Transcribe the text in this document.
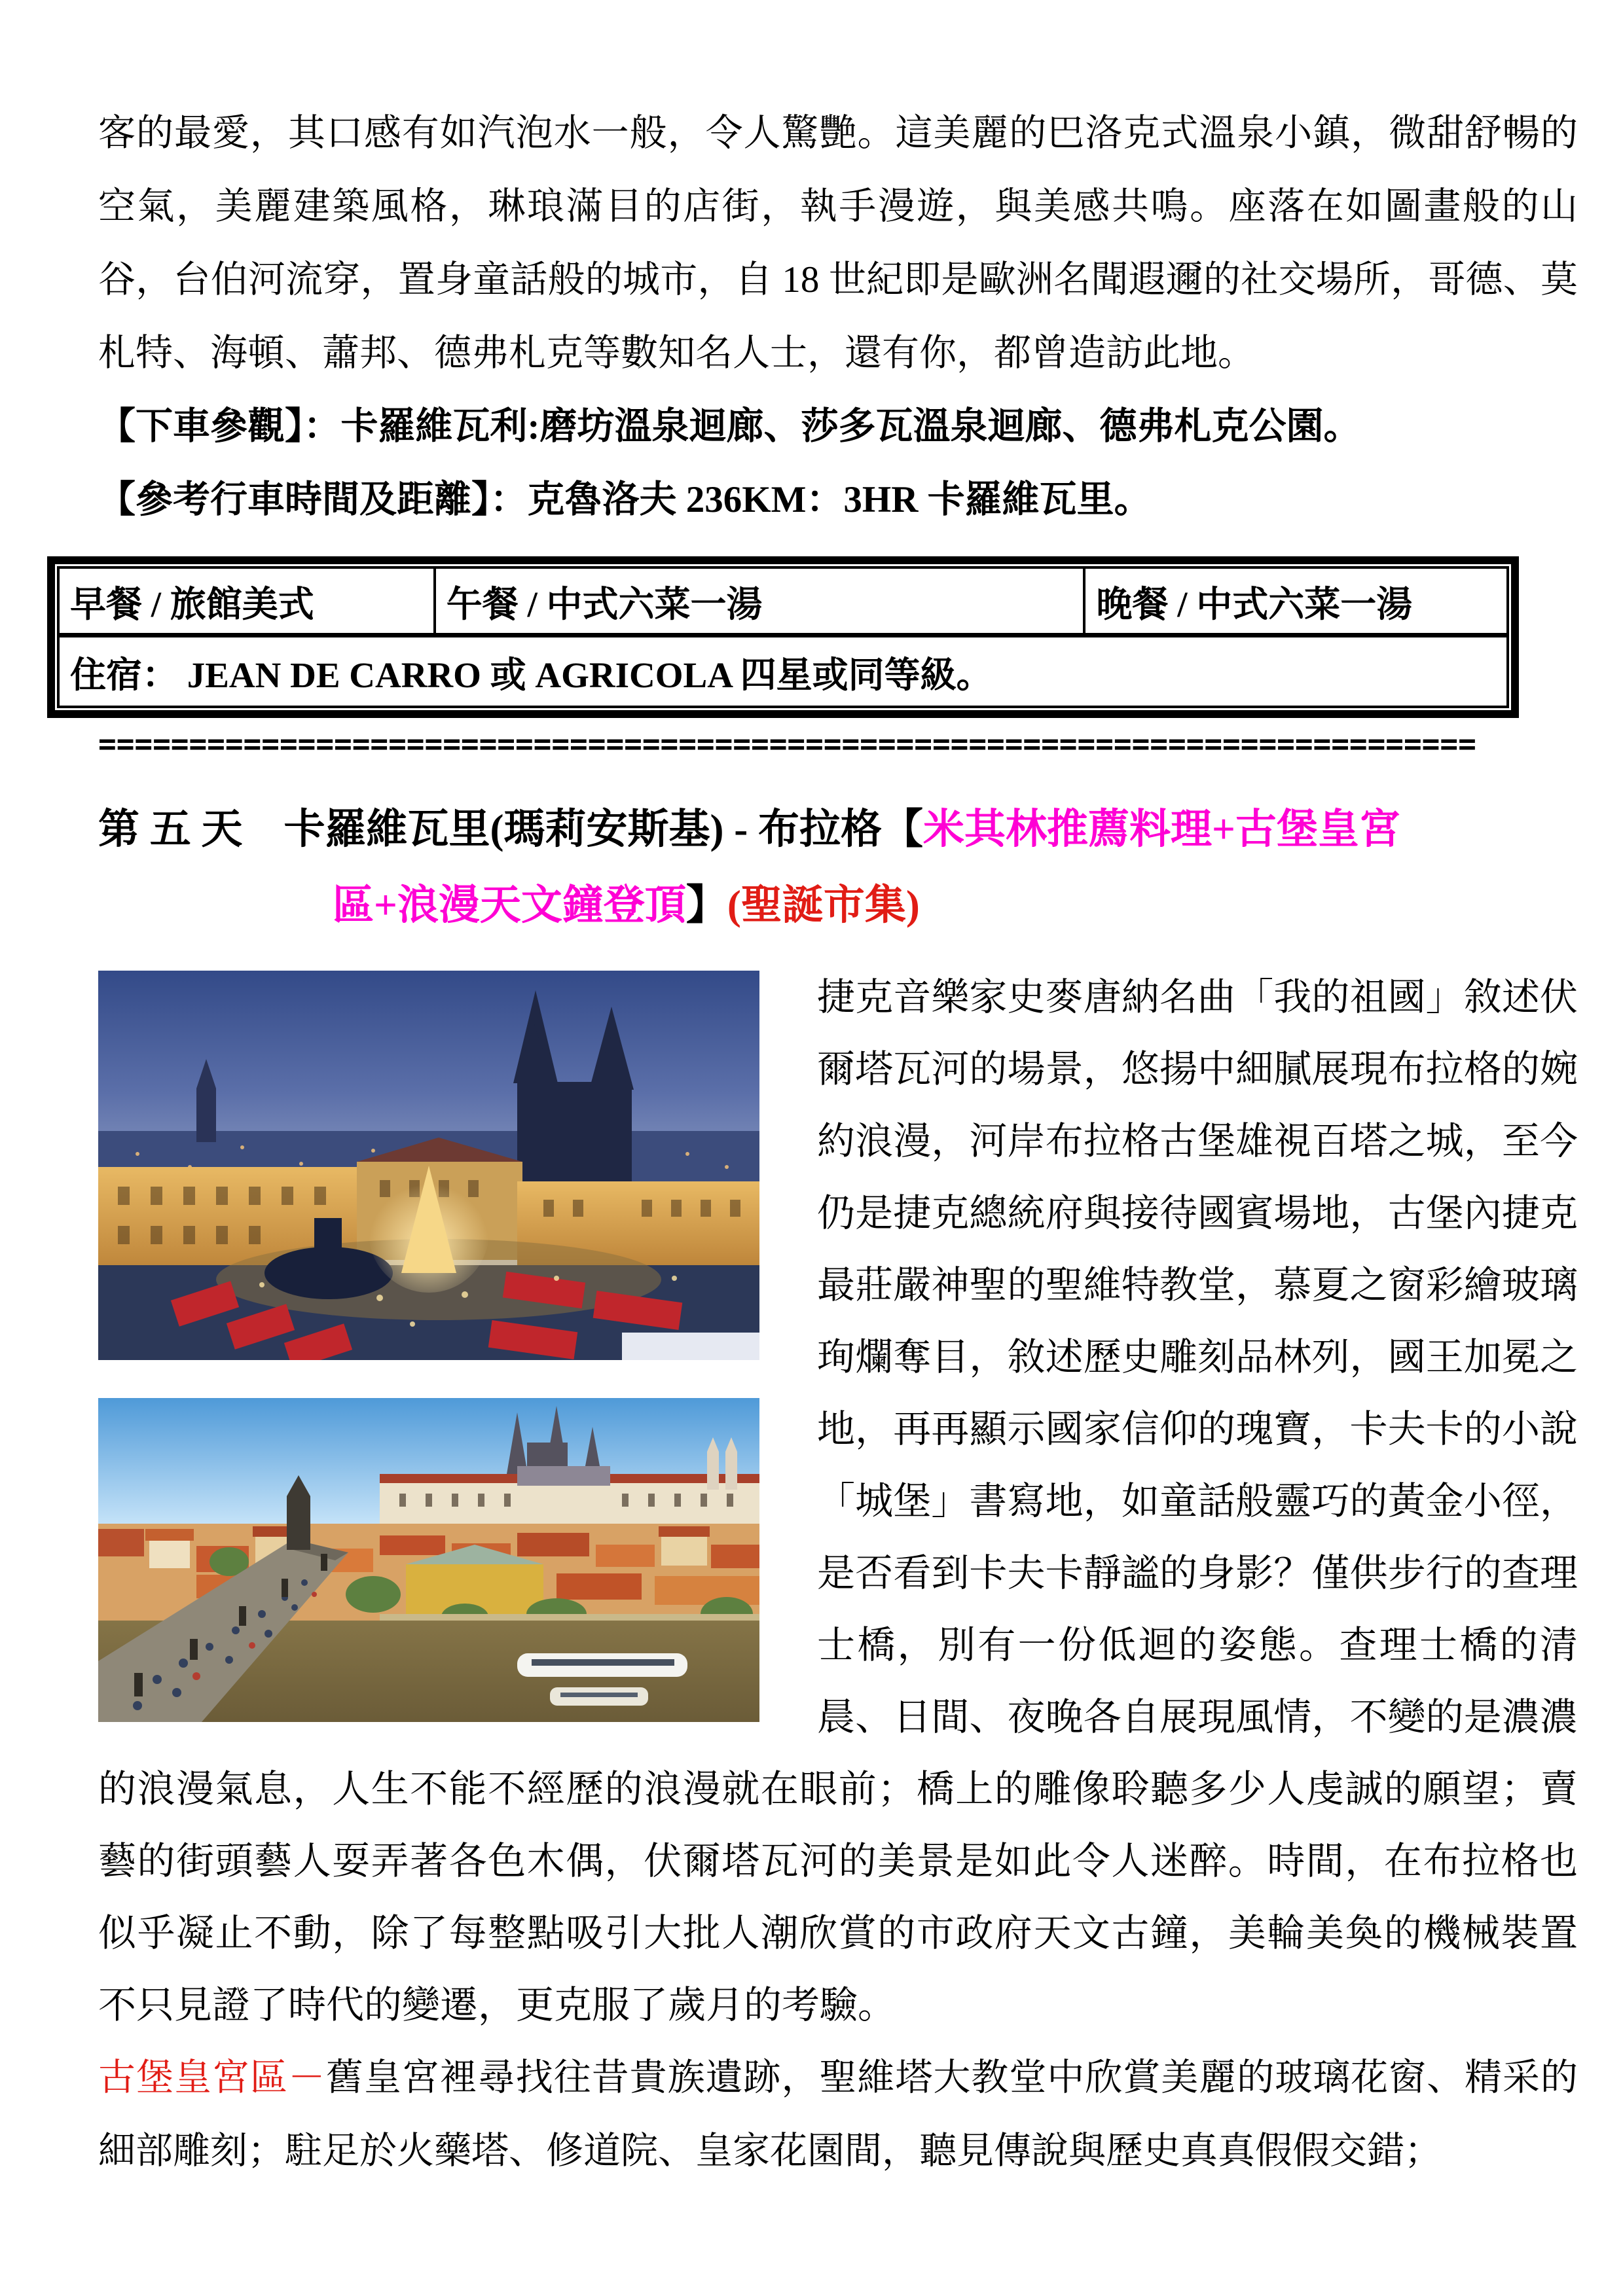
客的最愛，其口感有如汽泡水一般，令人驚艷。這美麗的巴洛克式溫泉小鎮，微甜舒暢的空氣，美麗建築風格，琳琅滿目的店街，執手漫遊，與美感共鳴。座落在如圖畫般的山谷，台伯河流穿，置身童話般的城市，自 18 世紀即是歐洲名聞遐邇的社交場所，哥德、莫札特、海頓、蕭邦、德弗札克等數知名人士，還有你，都曾造訪此地。

【下車參觀】：卡羅維瓦利:磨坊溫泉迴廊、莎多瓦溫泉迴廊、德弗札克公園。

【參考行車時間及距離】：克魯洛夫 236KM：3HR 卡羅維瓦里。

早餐 / 旅館美式	午餐 / 中式六菜一湯	晚餐 / 中式六菜一湯
住宿： JEAN DE CARRO 或 AGRICOLA 四星或同等級。
============================================================================
第 五 天　卡羅維瓦里(瑪莉安斯基) - 布拉格【米其林推薦料理+古堡皇宮
區+浪漫天文鐘登頂】(聖誕市集)

捷克音樂家史麥唐納名曲「我的祖國」敘述伏爾塔瓦河的場景，悠揚中細膩展現布拉格的婉約浪漫，河岸布拉格古堡雄視百塔之城，至今仍是捷克總統府與接待國賓場地，古堡內捷克最莊嚴神聖的聖維特教堂，慕夏之窗彩繪玻璃珣爛奪目，敘述歷史雕刻品林列，國王加冕之地，再再顯示國家信仰的瑰寶，卡夫卡的小說「城堡」書寫地，如童話般靈巧的黃金小徑，是否看到卡夫卡靜謐的身影？僅供步行的查理士橋，別有一份低迴的姿態。查理士橋的清晨、日間、夜晚各自展現風情，不變的是濃濃的浪漫氣息，人生不能不經歷的浪漫就在眼前；橋上的雕像聆聽多少人虔誠的願望；賣藝的街頭藝人耍弄著各色木偶，伏爾塔瓦河的美景是如此令人迷醉。時間，在布拉格也似乎凝止不動，除了每整點吸引大批人潮欣賞的市政府天文古鐘，美輪美奐的機械裝置不只見證了時代的變遷，更克服了歲月的考驗。

古堡皇宮區－舊皇宮裡尋找往昔貴族遺跡，聖維塔大教堂中欣賞美麗的玻璃花窗、精采的細部雕刻；駐足於火藥塔、修道院、皇家花園間，聽見傳說與歷史真真假假交錯；
